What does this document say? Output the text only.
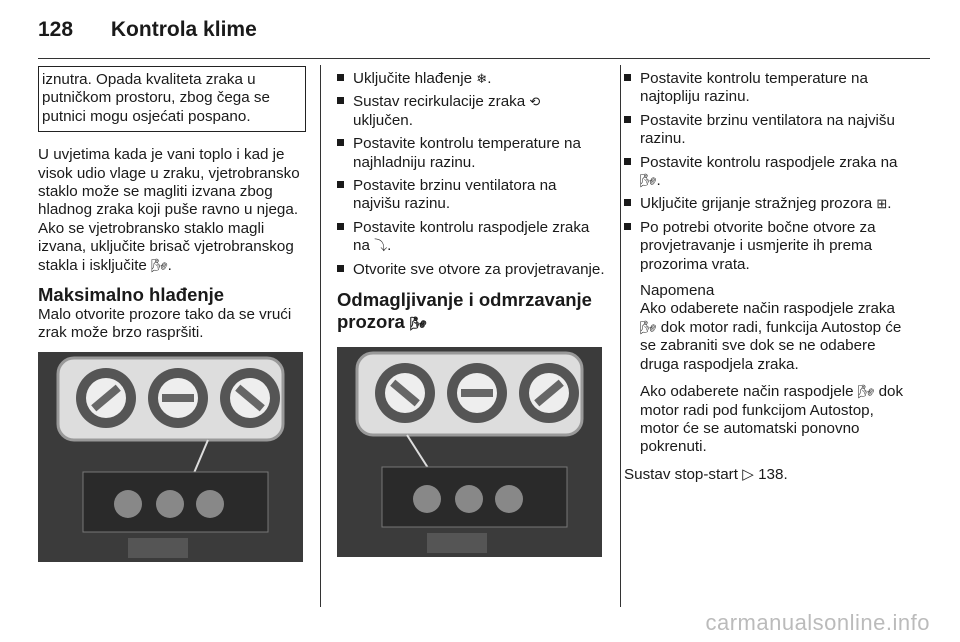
128 Kontrola klime
iznutra. Opada kvaliteta zraka u putničkom prostoru, zbog čega se putnici mogu osjećati pospano.

U uvjetima kada je vani toplo i kad je visok udio vlage u zraku, vjetrobransko staklo može se magliti izvana zbog hladnog zraka koji puše ravno u njega. Ako se vjetrobransko staklo magli izvana, uključite brisač vjetrobranskog stakla i isključite 🌬.

Maksimalno hlađenje

Malo otvorite prozore tako da se vrući zrak može brzo raspršiti.

Uključite hlađenje ❄.
Sustav recirkulacije zraka ⟲
uključen.
Postavite kontrolu temperature na najhladniju razinu.
Postavite brzinu ventilatora na najvišu razinu.
Postavite kontrolu raspodjele zraka na ⤵.
Otvorite sve otvore za provjetravanje.
Odmagljivanje i odmrzavanje prozora 🌬
Postavite kontrolu temperature na najtopliju razinu.
Postavite brzinu ventilatora na najvišu razinu.
Postavite kontrolu raspodjele zraka na 🌬.
Uključite grijanje stražnjeg prozora ⊞.
Po potrebi otvorite bočne otvore za provjetravanje i usmjerite ih prema prozorima vrata.
Napomena

Ako odaberete način raspodjele zraka 🌬 dok motor radi, funkcija Autostop će se zabraniti sve dok se ne odabere druga raspodjela zraka.

Ako odaberete način raspodjele 🌬 dok motor radi pod funkcijom Autostop, motor će se automatski ponovno pokrenuti.

Sustav stop-start ▷ 138.

carmanualsonline.info
